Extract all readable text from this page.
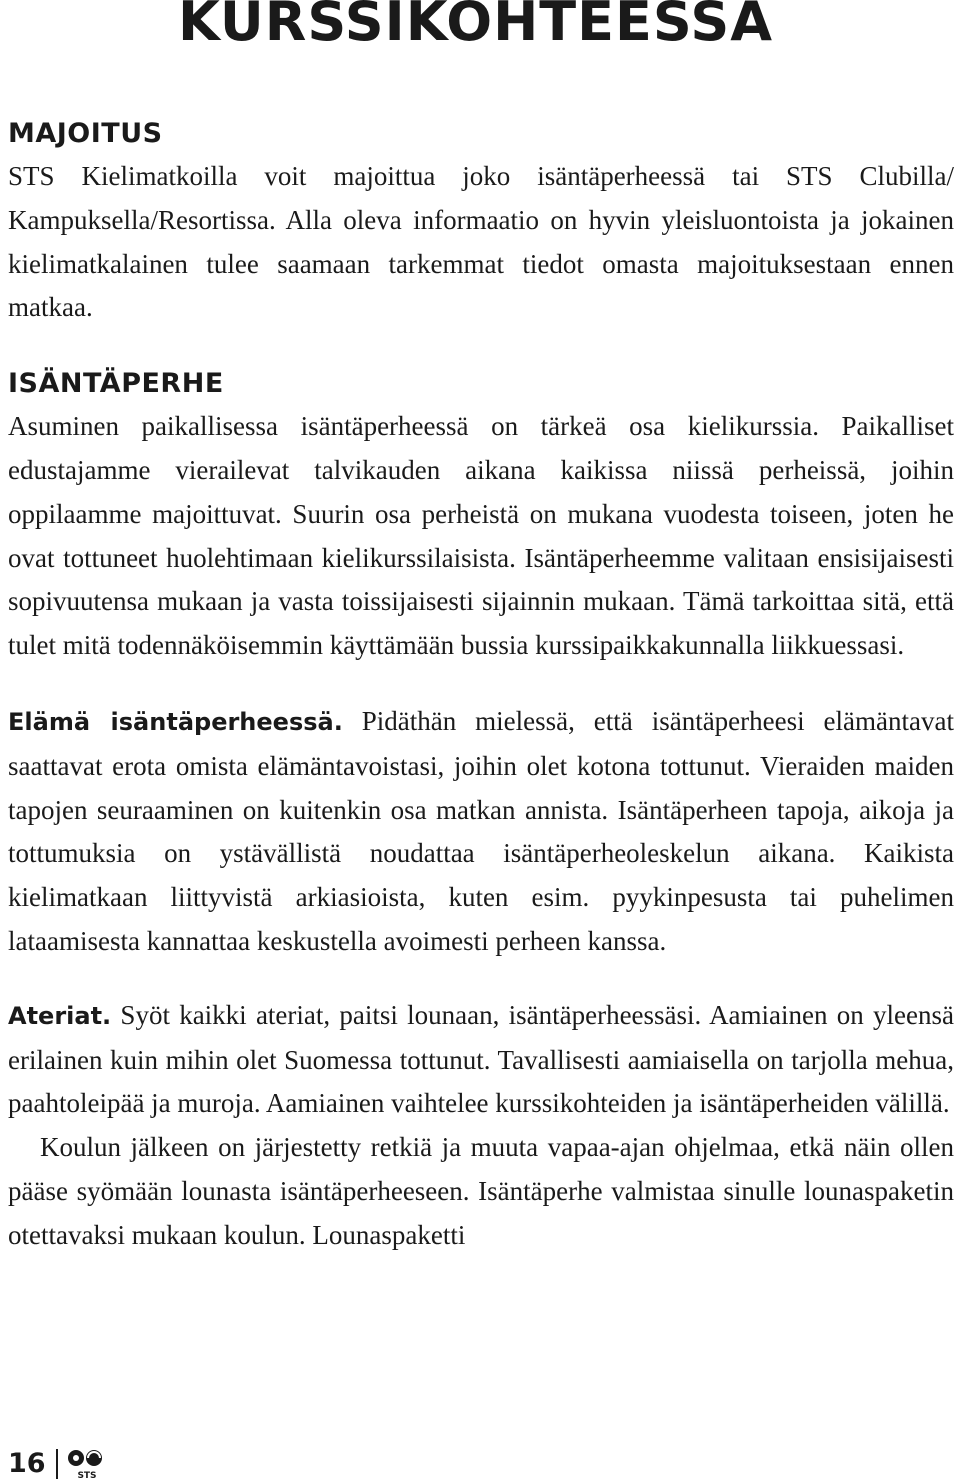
KURSSIKOHTEESSA
MAJOITUS

STS Kielimatkoilla voit majoittua joko isäntäperheessä tai STS Clubilla/ Kampuksella/Resortissa. Alla oleva informaatio on hyvin yleisluontoista ja jokainen kielimatkalainen tulee saamaan tarkemmat tiedot omasta majoituksestaan ennen matkaa.

ISÄNTÄPERHE

Asuminen paikallisessa isäntäperheessä on tärkeä osa kielikurssia. Paikalliset edustajamme vierailevat talvikauden aikana kaikissa niissä perheissä, joihin oppilaamme majoittuvat. Suurin osa perheistä on mukana vuodesta toiseen, joten he ovat tottuneet huolehtimaan kielikurssilaisista. Isäntäperheemme valitaan ensisijaisesti sopivuutensa mukaan ja vasta toissijaisesti sijainnin mukaan. Tämä tarkoittaa sitä, että tulet mitä todennäköisemmin käyttämään bussia kurssipaikkakunnalla liikkuessasi.

Elämä isäntäperheessä. Pidäthän mielessä, että isäntäperheesi elämäntavat saattavat erota omista elämäntavoistasi, joihin olet kotona tottunut. Vieraiden maiden tapojen seuraaminen on kuitenkin osa matkan annista. Isäntäperheen tapoja, aikoja ja tottumuksia on ystävällistä noudattaa isäntäperheoleskelun aikana. Kaikista kielimatkaan liittyvistä arkiasioista, kuten esim. pyykinpesusta tai puhelimen lataamisesta kannattaa keskustella avoimesti perheen kanssa.

Ateriat. Syöt kaikki ateriat, paitsi lounaan, isäntäperheessäsi. Aamiainen on yleensä erilainen kuin mihin olet Suomessa tottunut. Tavallisesti aamiaisella on tarjolla mehua, paahtoleipää ja muroja. Aamiainen vaihtelee kurssikohteiden ja isäntäperheiden välillä.

Koulun jälkeen on järjestetty retkiä ja muuta vapaa-ajan ohjelmaa, etkä näin ollen pääse syömään lounasta isäntäperheeseen. Isäntäperhe valmistaa sinulle lounaspaketin otettavaksi mukaan koulun. Lounaspaketti

16	STS
